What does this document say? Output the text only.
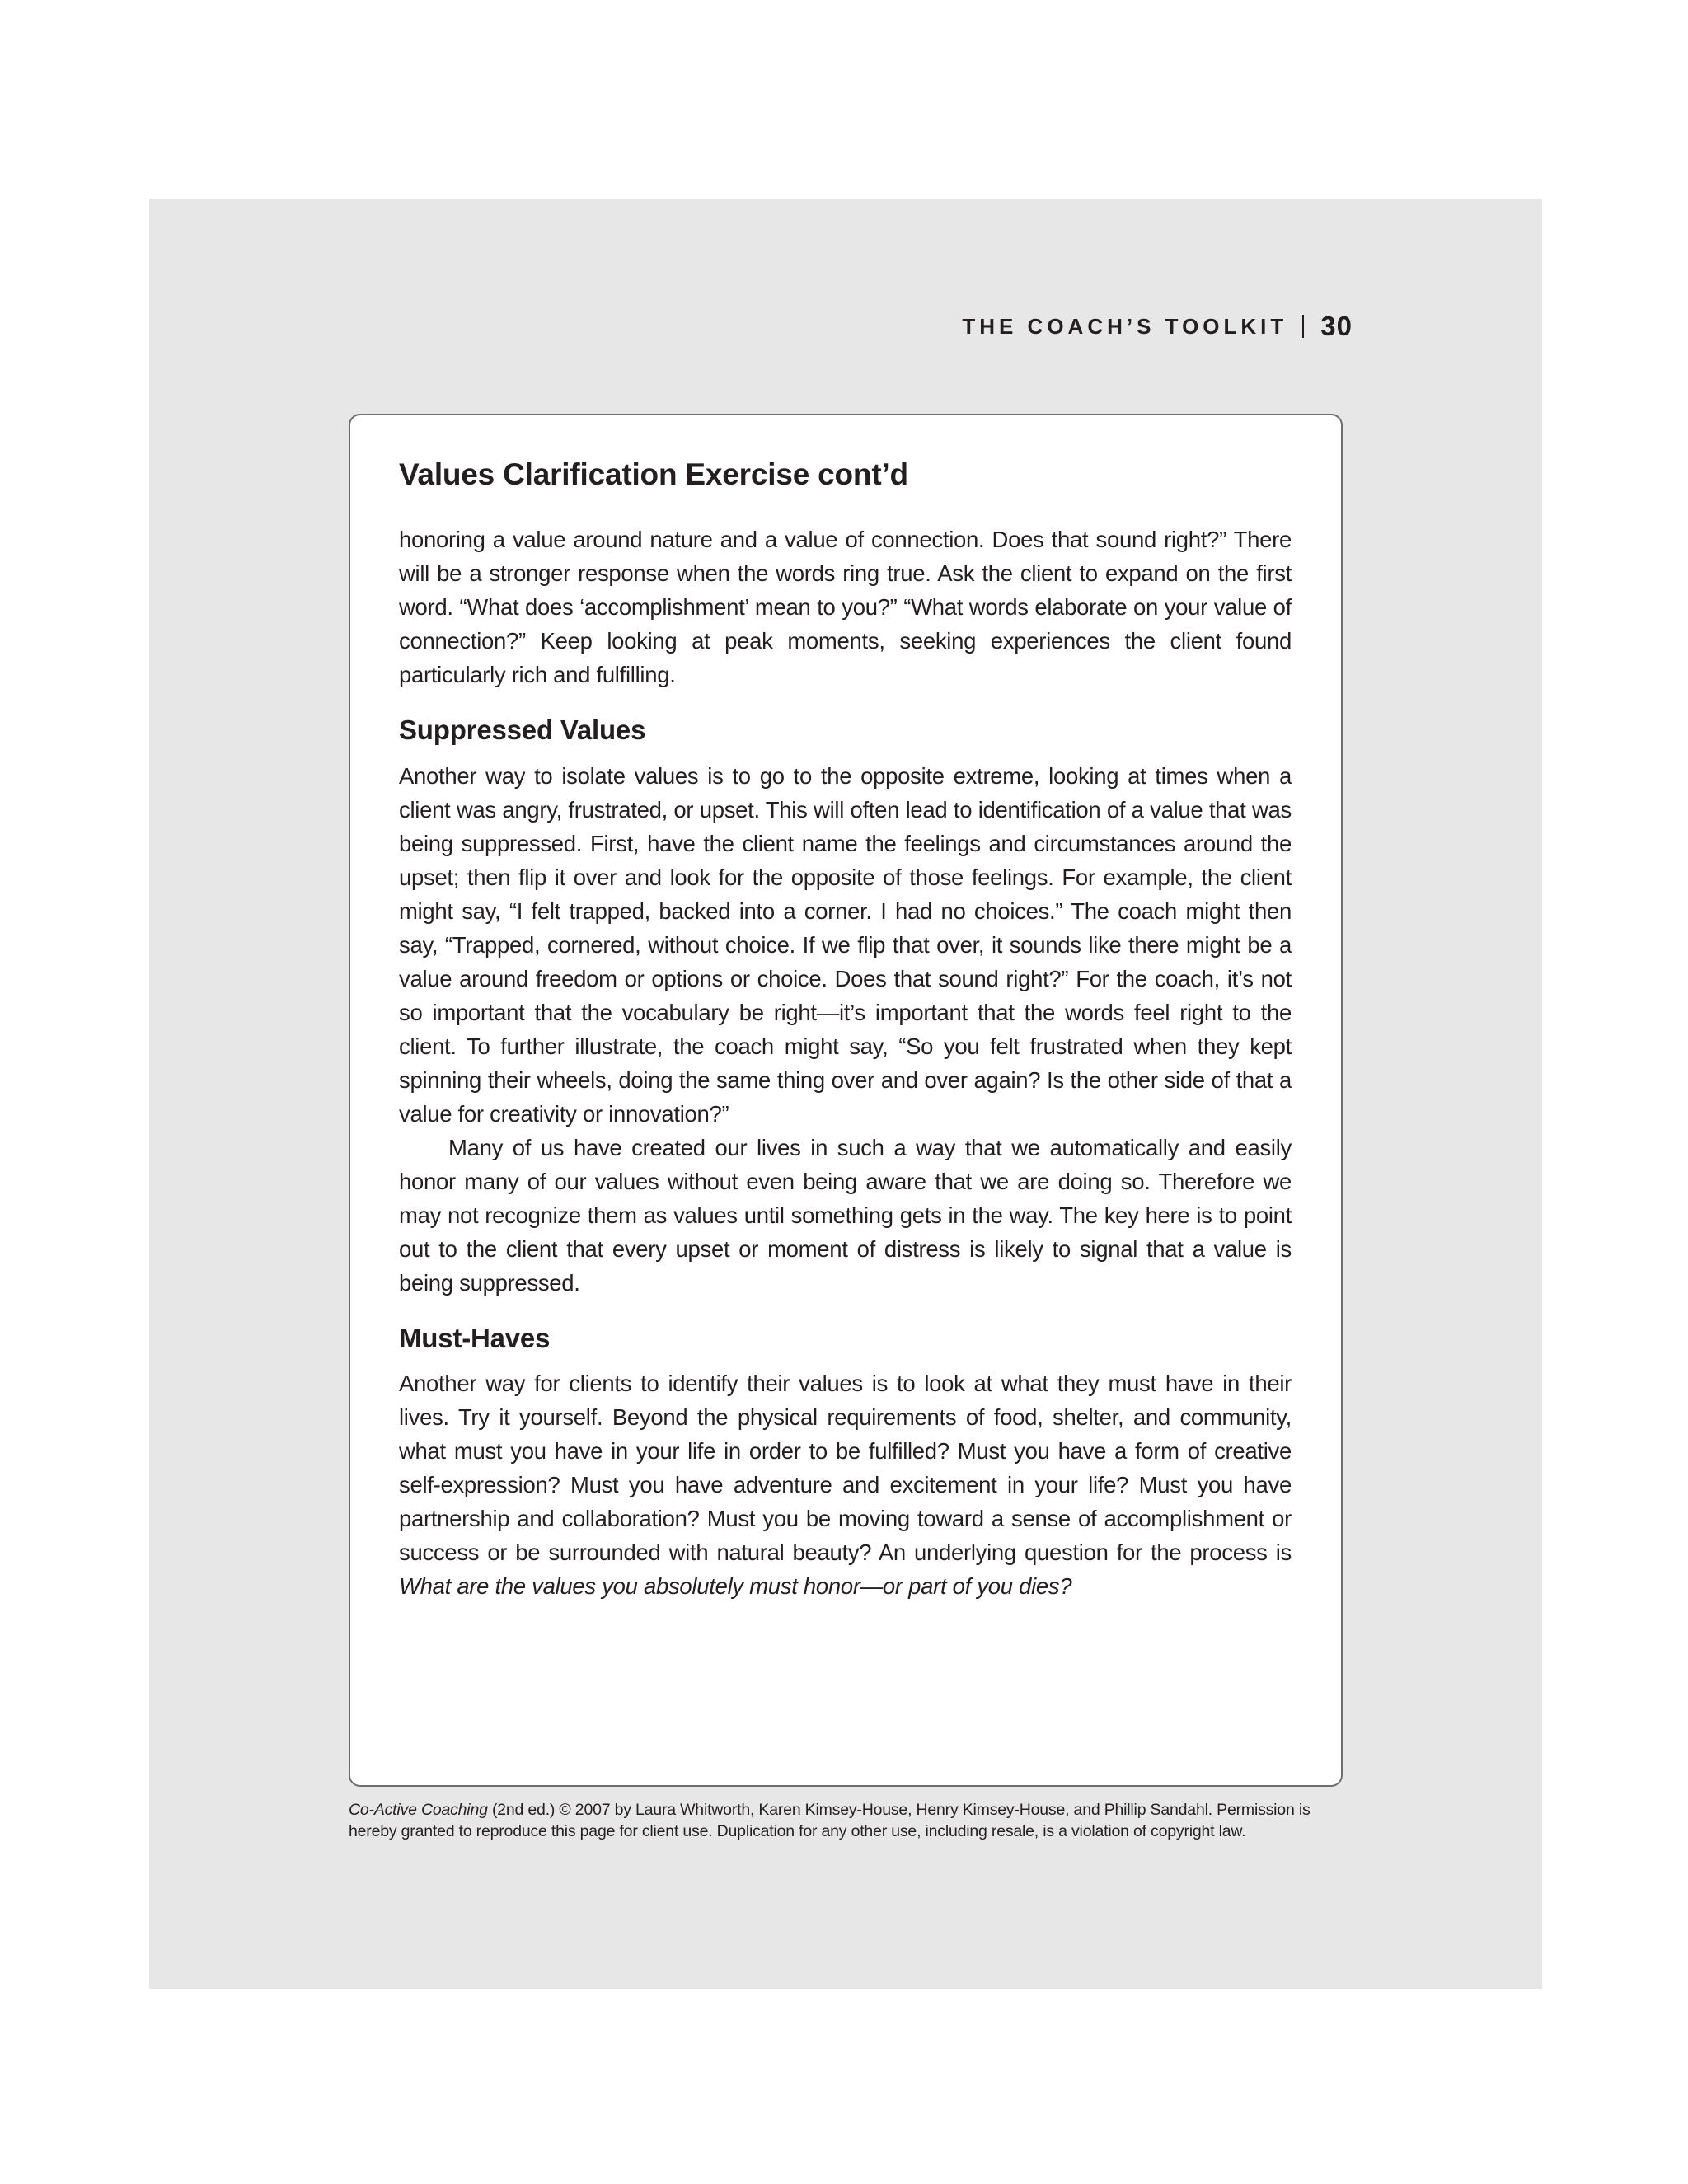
THE COACH’S TOOLKIT 30
Values Clarification Exercise cont’d

honoring a value around nature and a value of connection. Does that sound right?” There will be a stronger response when the words ring true. Ask the client to expand on the first word. “What does ‘accomplishment’ mean to you?” “What words elaborate on your value of connection?” Keep looking at peak moments, seeking experiences the client found particularly rich and fulfilling.

Suppressed Values

Another way to isolate values is to go to the opposite extreme, looking at times when a client was angry, frustrated, or upset. This will often lead to identification of a value that was being suppressed. First, have the client name the feelings and circumstances around the upset; then flip it over and look for the opposite of those feelings. For example, the client might say, “I felt trapped, backed into a corner. I had no choices.” The coach might then say, “Trapped, cornered, without choice. If we flip that over, it sounds like there might be a value around freedom or options or choice. Does that sound right?” For the coach, it’s not so important that the vocabulary be right—it’s important that the words feel right to the client. To further illustrate, the coach might say, “So you felt frustrated when they kept spinning their wheels, doing the same thing over and over again? Is the other side of that a value for creativity or innovation?”

Many of us have created our lives in such a way that we automatically and easily honor many of our values without even being aware that we are doing so. Therefore we may not recognize them as values until something gets in the way. The key here is to point out to the client that every upset or moment of distress is likely to signal that a value is being suppressed.

Must-Haves

Another way for clients to identify their values is to look at what they must have in their lives. Try it yourself. Beyond the physical requirements of food, shelter, and community, what must you have in your life in order to be fulfilled? Must you have a form of creative self-expression? Must you have adventure and excitement in your life? Must you have partnership and collaboration? Must you be moving toward a sense of accomplishment or success or be surrounded with natural beauty? An underlying question for the process is What are the values you absolutely must honor—or part of you dies?

Co-Active Coaching (2nd ed.) © 2007 by Laura Whitworth, Karen Kimsey-House, Henry Kimsey-House, and Phillip Sandahl. Permission is hereby granted to reproduce this page for client use. Duplication for any other use, including resale, is a violation of copyright law.
